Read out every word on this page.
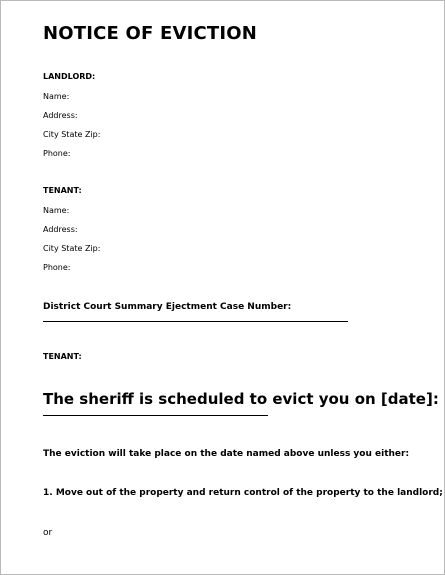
NOTICE OF EVICTION
LANDLORD:
Name:
Address:
City State Zip:
Phone:
TENANT:
Name:
Address:
City State Zip:
Phone:
District Court Summary Ejectment Case Number:
TENANT:
The sheriff is scheduled to evict you on [date]:
The eviction will take place on the date named above unless you either:
1. Move out of the property and return control of the property to the landlord;
or
